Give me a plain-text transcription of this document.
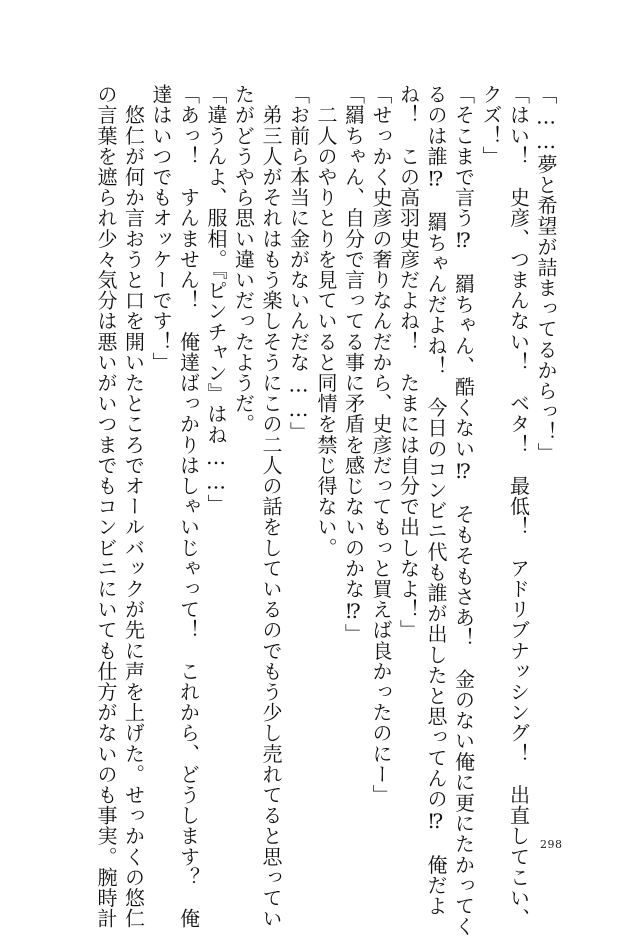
「……夢と希望が詰まってるからっ！」
「はい！　史彦、つまんない！　ベタ！　最低！　アドリブナッシング！　出直してこい、
クズ！」
「そこまで言う⁉　羂ちゃん、酷くない⁉　そもそもさあ！　金のない俺に更にたかってく
るのは誰⁉　羂ちゃんだよね！　今日のコンビニ代も誰が出したと思ってんの⁉　俺だよ
ね！　この高羽史彦だよね！　たまには自分で出しなよ！」
「せっかく史彦の奢りなんだから、史彦だってもっと買えば良かったのにー」
「羂ちゃん、自分で言ってる事に矛盾を感じないのかな⁉」
　二人のやりとりを見ていると同情を禁じ得ない。
「お前ら本当に金がないんだな……」
　弟三人がそれはもう楽しそうにこの二人の話をしているのでもう少し売れてると思ってい
たがどうやら思い違いだったようだ。
「違うんよ、服相。『ピンチャン』はね……」
「あっ！　すんません！　俺達ばっかりはしゃいじゃって！　これから、どうします？　俺
達はいつでもオッケーです！」
　悠仁が何か言おうと口を開いたところでオールバックが先に声を上げた。せっかくの悠仁
の言葉を遮られ少々気分は悪いがいつまでもコンビニにいても仕方がないのも事実。腕時計	298
